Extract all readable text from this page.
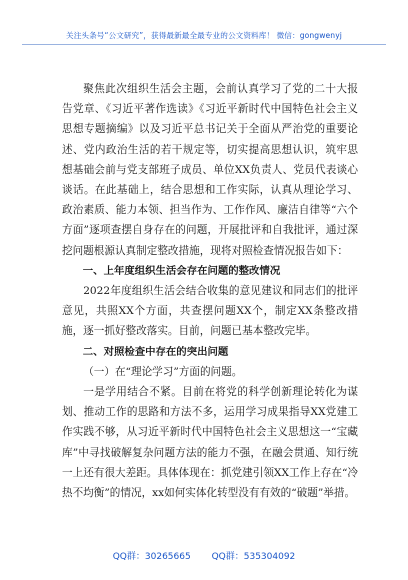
关注头条号“公文研究”，获得最新最全最专业的公文资料库！ 微信：gongwenyj

聚焦此次组织生活会主题，会前认真学习了党的二十大报告党章、《习近平著作选读》《习近平新时代中国特色社会主义思想专题摘编》以及习近平总书记关于全面从严治党的重要论述、党内政治生活的若干规定等，切实提高思想认识，筑牢思想基础会前与党支部班子成员、单位XX负责人、党员代表谈心谈话。在此基础上，结合思想和工作实际，认真从理论学习、政治素质、能力本领、担当作为、工作作风、廉洁自律等“六个方面”逐项查摆自身存在的问题，开展批评和自我批评，通过深挖问题根源认真制定整改措施，现将对照检查情况报告如下：

一、上年度组织生活会存在问题的整改情况

2022年度组织生活会结合收集的意见建议和同志们的批评意见，共照XX个方面，共查摆问题XX个，制定XX条整改措施，逐一抓好整改落实。目前，问题已基本整改完毕。

二、对照检查中存在的突出问题

（一）在“理论学习”方面的问题。

一是学用结合不紧。目前在将党的科学创新理论转化为谋划、推动工作的思路和方法不多，运用学习成果指导XX党建工作实践不够，从习近平新时代中国特色社会主义思想这一“宝藏库”中寻找破解复杂问题方法的能力不强，在融会贯通、知行统一上还有很大差距。具体体现在：抓党建引领XX工作上存在“冷热不均衡”的情况，xx如何实体化转型没有有效的“破题”举措。

QQ群：30265665 QQ群：535304092
